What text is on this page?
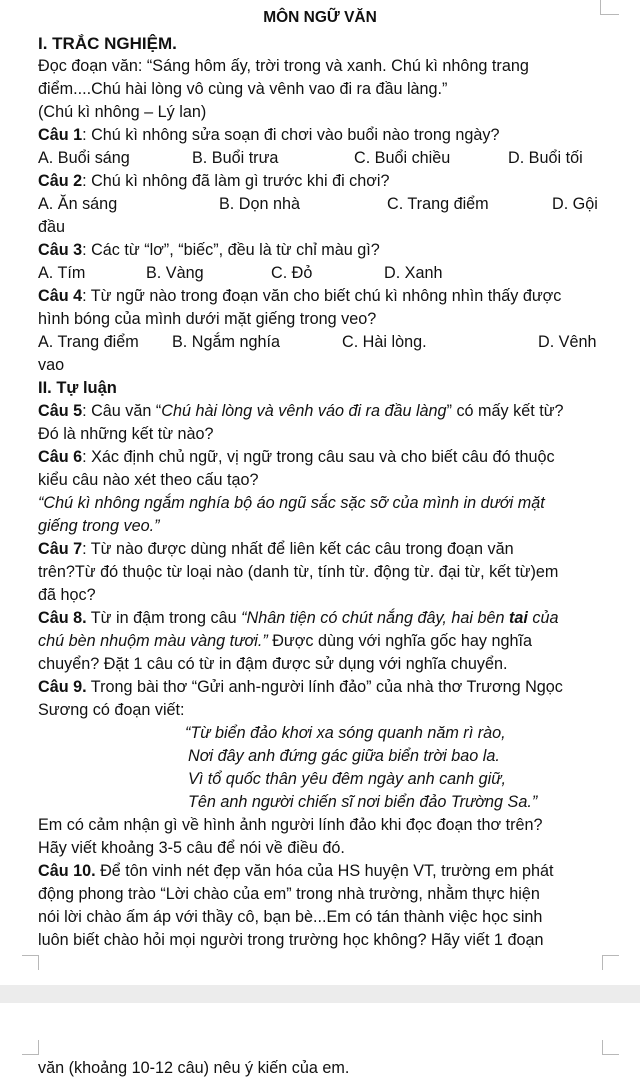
MÔN NGỮ VĂN
I. TRẮC NGHIỆM.
Đọc đoạn văn: “Sáng hôm ấy, trời trong và xanh. Chú kì nhông trang
điểm....Chú hài lòng vô cùng và vênh vao đi ra đầu làng.”
(Chú kì nhông – Lý lan)
Câu 1: Chú kì nhông sửa soạn đi chơi vào buổi nào trong ngày?
A. Buổi sáng	B. Buổi trưa	C. Buổi chiều	D. Buổi tối
Câu 2: Chú kì nhông đã làm gì trước khi đi chơi?
A. Ăn sáng	B. Dọn nhà	C. Trang điểm	D. Gội
đầu
Câu 3: Các từ “lơ”, “biếc”, đều là từ chỉ màu gì?
A. Tím	B. Vàng	C. Đỏ	D. Xanh
Câu 4: Từ ngữ nào trong đoạn văn cho biết chú kì nhông nhìn thấy được
hình bóng của mình dưới mặt giếng trong veo?
A. Trang điểm	B. Ngắm nghía	C. Hài lòng.	D. Vênh
vao
II. Tự luận
Câu 5: Câu văn “Chú hài lòng và vênh váo đi ra đầu làng” có mấy kết từ?
Đó là những kết từ nào?
Câu 6: Xác định chủ ngữ, vị ngữ trong câu sau và cho biết câu đó thuộc
kiểu câu nào xét theo cấu tạo?
“Chú kì nhông ngắm nghía bộ áo ngũ sắc sặc sỡ của mình in dưới mặt
giếng trong veo.”
Câu 7: Từ nào được dùng nhất để liên kết các câu trong đoạn văn
trên?Từ đó thuộc từ loại nào (danh từ, tính từ. động từ. đại từ, kết từ)em
đã học?
Câu 8. Từ in đậm trong câu “Nhân tiện có chút nắng đây, hai bên tai của
chú bèn nhuộm màu vàng tươi.” Được dùng với nghĩa gốc hay nghĩa
chuyển? Đặt 1 câu có từ in đậm được sử dụng với nghĩa chuyển.
Câu 9. Trong bài thơ “Gửi anh-người lính đảo” của nhà thơ Trương Ngọc
Sương có đoạn viết:
“Từ biển đảo khơi xa sóng quanh năm rì rào,
Nơi đây anh đứng gác giữa biển trời bao la.
Vì tổ quốc thân yêu đêm ngày anh canh giữ,
Tên anh người chiến sĩ nơi biển đảo Trường Sa.”
Em có cảm nhận gì về hình ảnh người lính đảo khi đọc đoạn thơ trên?
Hãy viết khoảng 3-5 câu để nói về điều đó.
Câu 10. Để tôn vinh nét đẹp văn hóa của HS huyện VT, trường em phát
động phong trào “Lời chào của em” trong nhà trường, nhằm thực hiện
nói lời chào ấm áp với thầy cô, bạn bè...Em có tán thành việc học sinh
luôn biết chào hỏi mọi người trong trường học không? Hãy viết 1 đoạn
văn (khoảng 10-12 câu) nêu ý kiến của em.
